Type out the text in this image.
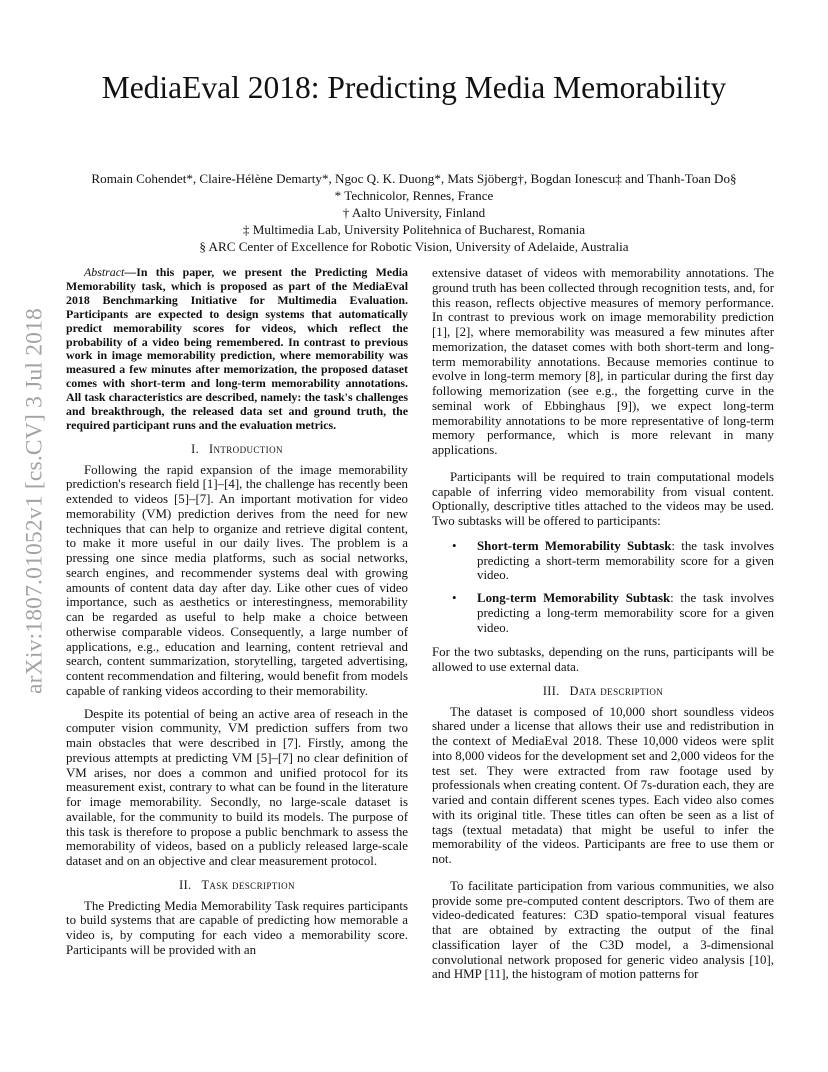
MediaEval 2018: Predicting Media Memorability
Romain Cohendet*, Claire-Hélène Demarty*, Ngoc Q. K. Duong*, Mats Sjöberg†, Bogdan Ionescu‡ and Thanh-Toan Do§
* Technicolor, Rennes, France
† Aalto University, Finland
‡ Multimedia Lab, University Politehnica of Bucharest, Romania
§ ARC Center of Excellence for Robotic Vision, University of Adelaide, Australia
arXiv:1807.01052v1 [cs.CV] 3 Jul 2018

Abstract—In this paper, we present the Predicting Media Memorability task, which is proposed as part of the MediaEval 2018 Benchmarking Initiative for Multimedia Evaluation. Participants are expected to design systems that automatically predict memorability scores for videos, which reflect the probability of a video being remembered. In contrast to previous work in image memorability prediction, where memorability was measured a few minutes after memorization, the proposed dataset comes with short-term and long-term memorability annotations. All task characteristics are described, namely: the task's challenges and breakthrough, the released data set and ground truth, the required participant runs and the evaluation metrics.

I. Introduction

Following the rapid expansion of the image memorability prediction's research field [1]–[4], the challenge has recently been extended to videos [5]–[7]. An important motivation for video memorability (VM) prediction derives from the need for new techniques that can help to organize and retrieve digital content, to make it more useful in our daily lives. The problem is a pressing one since media platforms, such as social networks, search engines, and recommender systems deal with growing amounts of content data day after day. Like other cues of video importance, such as aesthetics or interestingness, memorability can be regarded as useful to help make a choice between otherwise comparable videos. Consequently, a large number of applications, e.g., education and learning, content retrieval and search, content summarization, storytelling, targeted advertising, content recommendation and filtering, would benefit from models capable of ranking videos according to their memorability.

Despite its potential of being an active area of reseach in the computer vision community, VM prediction suffers from two main obstacles that were described in [7]. Firstly, among the previous attempts at predicting VM [5]–[7] no clear definition of VM arises, nor does a common and unified protocol for its measurement exist, contrary to what can be found in the literature for image memorability. Secondly, no large-scale dataset is available, for the community to build its models. The purpose of this task is therefore to propose a public benchmark to assess the memorability of videos, based on a publicly released large-scale dataset and on an objective and clear measurement protocol.

II. Task description

The Predicting Media Memorability Task requires participants to build systems that are capable of predicting how memorable a video is, by computing for each video a memorability score. Participants will be provided with an

extensive dataset of videos with memorability annotations. The ground truth has been collected through recognition tests, and, for this reason, reflects objective measures of memory performance. In contrast to previous work on image memorability prediction [1], [2], where memorability was measured a few minutes after memorization, the dataset comes with both short-term and long-term memorability annotations. Because memories continue to evolve in long-term memory [8], in particular during the first day following memorization (see e.g., the forgetting curve in the seminal work of Ebbinghaus [9]), we expect long-term memorability annotations to be more representative of long-term memory performance, which is more relevant in many applications.

Participants will be required to train computational models capable of inferring video memorability from visual content. Optionally, descriptive titles attached to the videos may be used. Two subtasks will be offered to participants:

• Short-term Memorability Subtask: the task involves predicting a short-term memorability score for a given video.
• Long-term Memorability Subtask: the task involves predicting a long-term memorability score for a given video.

For the two subtasks, depending on the runs, participants will be allowed to use external data.

III. Data description

The dataset is composed of 10,000 short soundless videos shared under a license that allows their use and redistribution in the context of MediaEval 2018. These 10,000 videos were split into 8,000 videos for the development set and 2,000 videos for the test set. They were extracted from raw footage used by professionals when creating content. Of 7s-duration each, they are varied and contain different scenes types. Each video also comes with its original title. These titles can often be seen as a list of tags (textual metadata) that might be useful to infer the memorability of the videos. Participants are free to use them or not.

To facilitate participation from various communities, we also provide some pre-computed content descriptors. Two of them are video-dedicated features: C3D spatio-temporal visual features that are obtained by extracting the output of the final classification layer of the C3D model, a 3-dimensional convolutional network proposed for generic video analysis [10], and HMP [11], the histogram of motion patterns for
